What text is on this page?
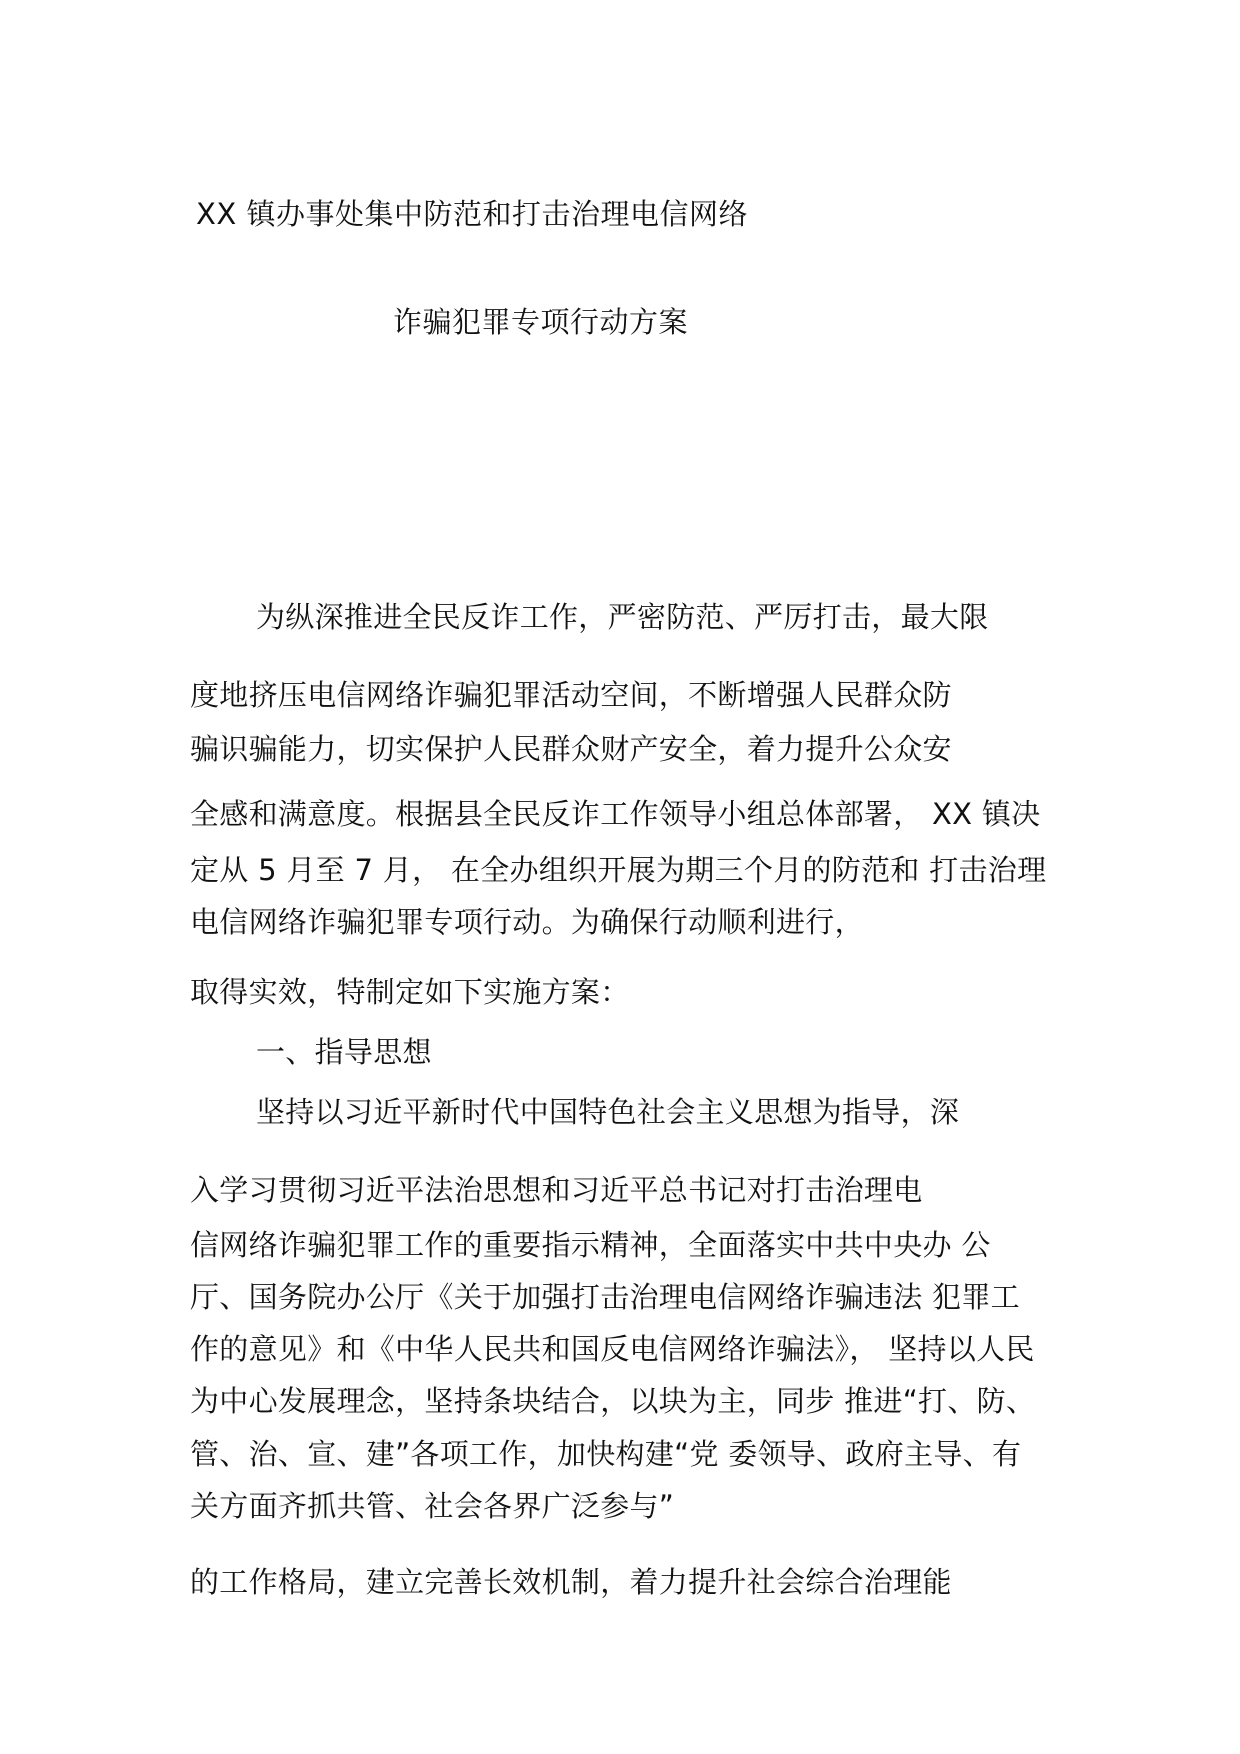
XX 镇办事处集中防范和打击治理电信网络
诈骗犯罪专项行动方案
为纵深推进全民反诈工作，严密防范、严厉打击，最大限
度地挤压电信网络诈骗犯罪活动空间，不断增强人民群众防
骗识骗能力，切实保护人民群众财产安全，着力提升公众安
全感和满意度。根据县全民反诈工作领导小组总体部署， XX 镇决
定从 5 月至 7 月， 在全办组织开展为期三个月的防范和 打击治理
电信网络诈骗犯罪专项行动。为确保行动顺利进行，
取得实效，特制定如下实施方案：
一、指导思想
坚持以习近平新时代中国特色社会主义思想为指导，深
入学习贯彻习近平法治思想和习近平总书记对打击治理电
信网络诈骗犯罪工作的重要指示精神，全面落实中共中央办 公
厅、国务院办公厅《关于加强打击治理电信网络诈骗违法 犯罪工
作的意见》和《中华人民共和国反电信网络诈骗法》， 坚持以人民
为中心发展理念，坚持条块结合，以块为主，同步 推进“打、防、
管、治、宣、建”各项工作，加快构建“党 委领导、政府主导、有
关方面齐抓共管、社会各界广泛参与”
的工作格局，建立完善长效机制，着力提升社会综合治理能
